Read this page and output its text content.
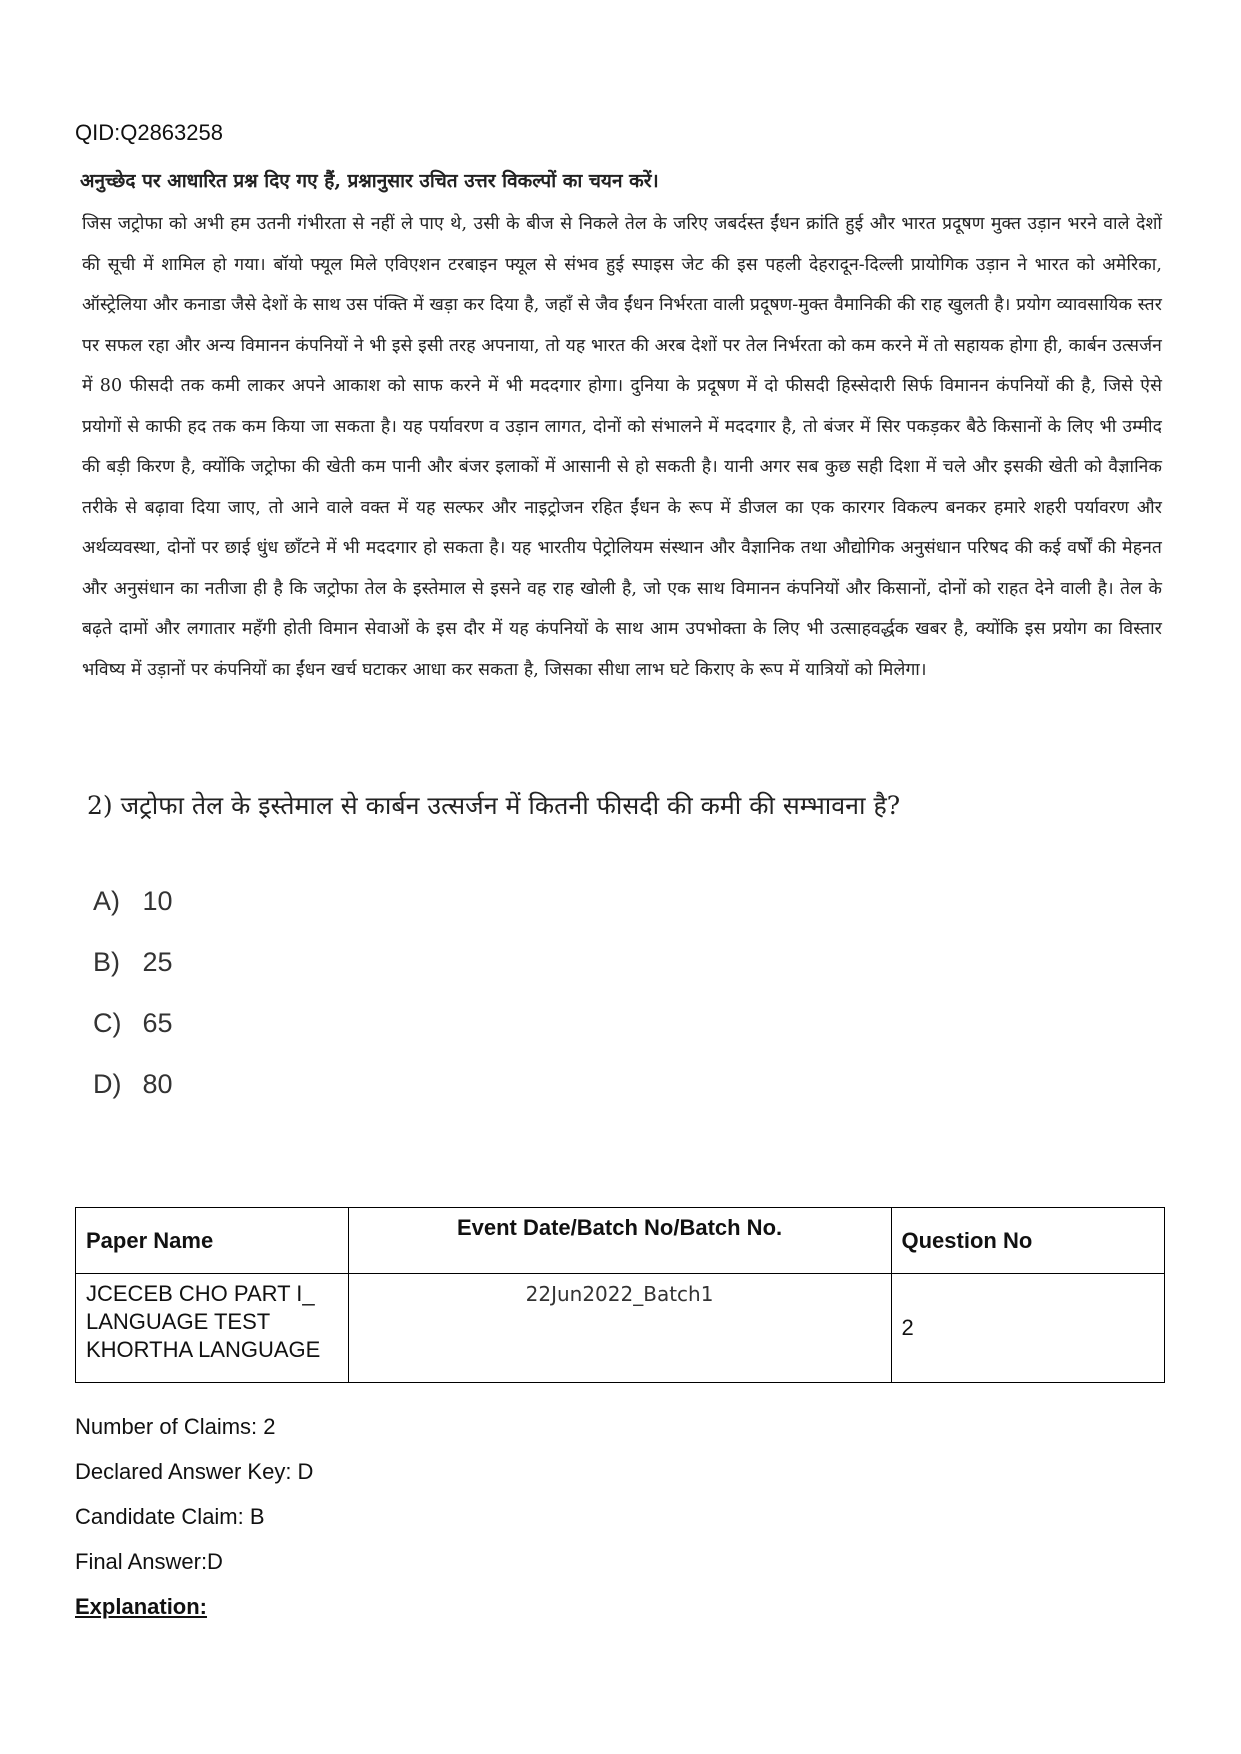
QID:Q2863258
अनुच्छेद पर आधारित प्रश्न दिए गए हैं, प्रश्नानुसार उचित उत्तर विकल्पों का चयन करें।
जिस जट्रोफा को अभी हम उतनी गंभीरता से नहीं ले पाए थे, उसी के बीज से निकले तेल के जरिए जबर्दस्त ईंधन क्रांति हुई और भारत प्रदूषण मुक्त उड़ान भरने वाले देशों की सूची में शामिल हो गया। बॉयो फ्यूल मिले एविएशन टरबाइन फ्यूल से संभव हुई स्पाइस जेट की इस पहली देहरादून-दिल्ली प्रायोगिक उड़ान ने भारत को अमेरिका, ऑस्ट्रेलिया और कनाडा जैसे देशों के साथ उस पंक्ति में खड़ा कर दिया है, जहाँ से जैव ईंधन निर्भरता वाली प्रदूषण-मुक्त वैमानिकी की राह खुलती है। प्रयोग व्यावसायिक स्तर पर सफल रहा और अन्य विमानन कंपनियों ने भी इसे इसी तरह अपनाया, तो यह भारत की अरब देशों पर तेल निर्भरता को कम करने में तो सहायक होगा ही, कार्बन उत्सर्जन में 80 फीसदी तक कमी लाकर अपने आकाश को साफ करने में भी मददगार होगा। दुनिया के प्रदूषण में दो फीसदी हिस्सेदारी सिर्फ विमानन कंपनियों की है, जिसे ऐसे प्रयोगों से काफी हद तक कम किया जा सकता है। यह पर्यावरण व उड़ान लागत, दोनों को संभालने में मददगार है, तो बंजर में सिर पकड़कर बैठे किसानों के लिए भी उम्मीद की बड़ी किरण है, क्योंकि जट्रोफा की खेती कम पानी और बंजर इलाकों में आसानी से हो सकती है। यानी अगर सब कुछ सही दिशा में चले और इसकी खेती को वैज्ञानिक तरीके से बढ़ावा दिया जाए, तो आने वाले वक्त में यह सल्फर और नाइट्रोजन रहित ईंधन के रूप में डीजल का एक कारगर विकल्प बनकर हमारे शहरी पर्यावरण और अर्थव्यवस्था, दोनों पर छाई धुंध छाँटने में भी मददगार हो सकता है। यह भारतीय पेट्रोलियम संस्थान और वैज्ञानिक तथा औद्योगिक अनुसंधान परिषद की कई वर्षों की मेहनत और अनुसंधान का नतीजा ही है कि जट्रोफा तेल के इस्तेमाल से इसने वह राह खोली है, जो एक साथ विमानन कंपनियों और किसानों, दोनों को राहत देने वाली है। तेल के बढ़ते दामों और लगातार महँगी होती विमान सेवाओं के इस दौर में यह कंपनियों के साथ आम उपभोक्ता के लिए भी उत्साहवर्द्धक खबर है, क्योंकि इस प्रयोग का विस्तार भविष्य में उड़ानों पर कंपनियों का ईंधन खर्च घटाकर आधा कर सकता है, जिसका सीधा लाभ घटे किराए के रूप में यात्रियों को मिलेगा।
2) जट्रोफा तेल के इस्तेमाल से कार्बन उत्सर्जन में कितनी फीसदी की कमी की सम्भावना है?
A) 10
B) 25
C) 65
D) 80
Paper Name	Event Date/Batch No/Batch No.	Question No

JCECEB CHO PART I_
LANGUAGE TEST
KHORTHA LANGUAGE	22Jun2022_Batch1	2
Number of Claims: 2
Declared Answer Key: D
Candidate Claim: B
Final Answer:D
Explanation:
